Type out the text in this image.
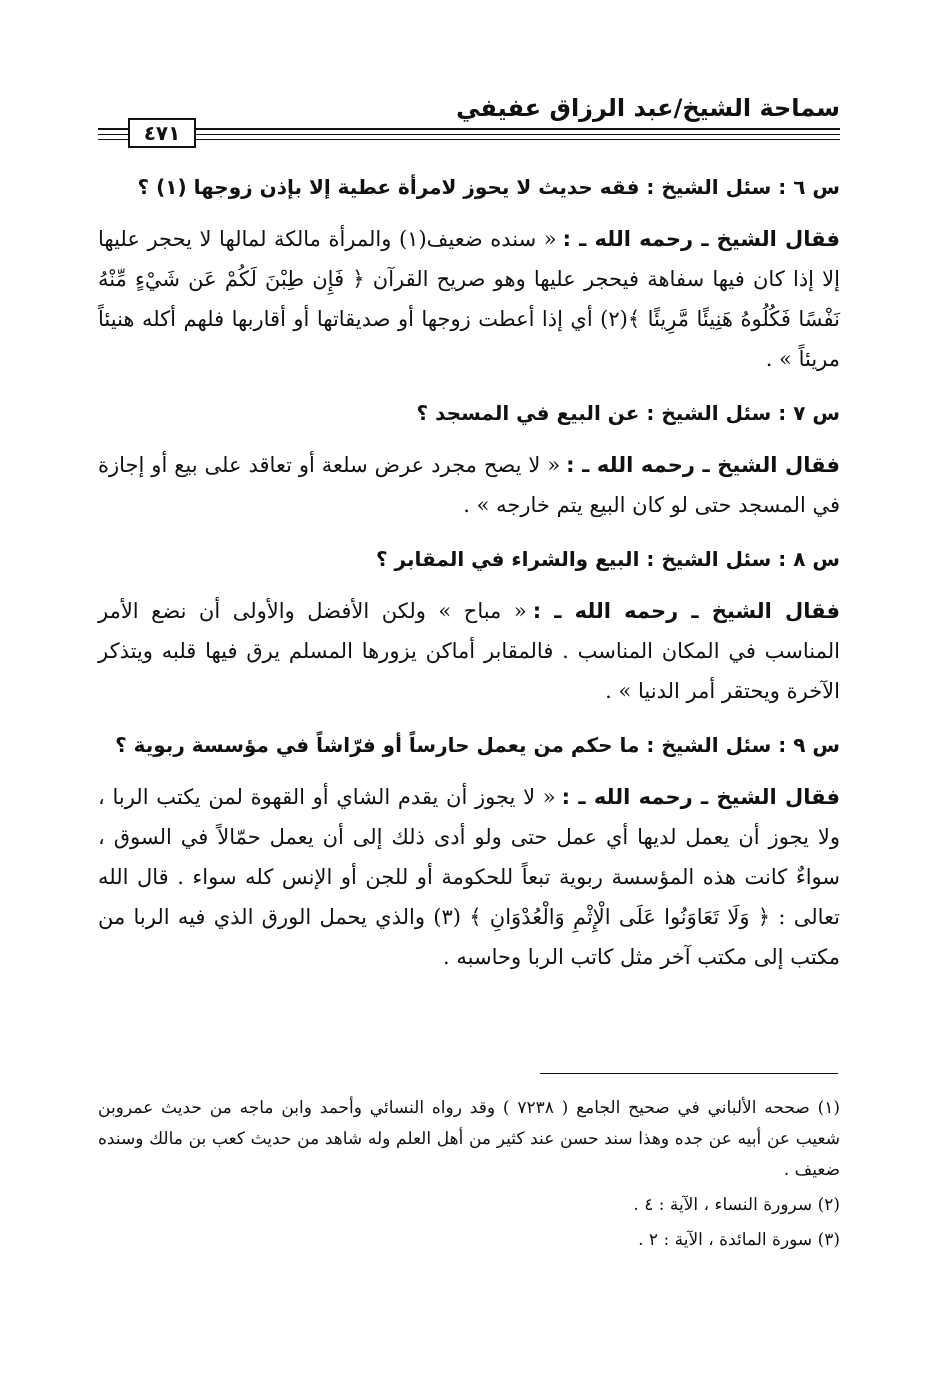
سماحة الشيخ/عبد الرزاق عفيفي
٤٧١

س ٦ : سئل الشيخ : فقه حديث لا يحوز لامرأة عطية إلا بإذن زوجها (١) ؟

فقال الشيخ ـ رحمه الله ـ :« سنده ضعيف(١) والمرأة مالكة لمالها لا يحجر عليها إلا إذا كان فيها سفاهة فيحجر عليها وهو صريح القرآن ﴿ فَإِن طِبْنَ لَكُمْ عَن شَيْءٍ مِّنْهُ نَفْسًا فَكُلُوهُ هَنِيئًا مَّرِيئًا ﴾(٢) أي إذا أعطت زوجها أو صديقاتها أو أقاربها فلهم أكله هنيئاً مريئاً » .

س ٧ : سئل الشيخ : عن البيع في المسجد ؟

فقال الشيخ ـ رحمه الله ـ :« لا يصح مجرد عرض سلعة أو تعاقد على بيع أو إجازة في المسجد حتى لو كان البيع يتم خارجه » .

س ٨ : سئل الشيخ : البيع والشراء في المقابر ؟

فقال الشيخ ـ رحمه الله ـ :« مباح » ولكن الأفضل والأولى أن نضع الأمر المناسب في المكان المناسب . فالمقابر أماكن يزورها المسلم يرق فيها قلبه ويتذكر الآخرة ويحتقر أمر الدنيا » .

س ٩ : سئل الشيخ : ما حكم من يعمل حارساً أو فرّاشاً في مؤسسة ربوية ؟

فقال الشيخ ـ رحمه الله ـ :« لا يجوز أن يقدم الشاي أو القهوة لمن يكتب الربا ، ولا يجوز أن يعمل لديها أي عمل حتى ولو أدى ذلك إلى أن يعمل حمّالاً في السوق ، سواءٌ كانت هذه المؤسسة ربوية تبعاً للحكومة أو للجن أو الإنس كله سواء . قال الله تعالى : ﴿ وَلَا تَعَاوَنُوا عَلَى الْإِثْمِ وَالْعُدْوَانِ ﴾ (٣) والذي يحمل الورق الذي فيه الربا من مكتب إلى مكتب آخر مثل كاتب الربا وحاسبه .

(١) صححه الألباني في صحيح الجامع ( ٧٢٣٨ ) وقد رواه النسائي وأحمد وابن ماجه من حديث عمروبن شعيب عن أبيه عن جده وهذا سند حسن عند كثير من أهل العلم وله شاهد من حديث كعب بن مالك وسنده ضعيف .

(٢) سرورة النساء ، الآية : ٤ .

(٣) سورة المائدة ، الآية : ٢ .
